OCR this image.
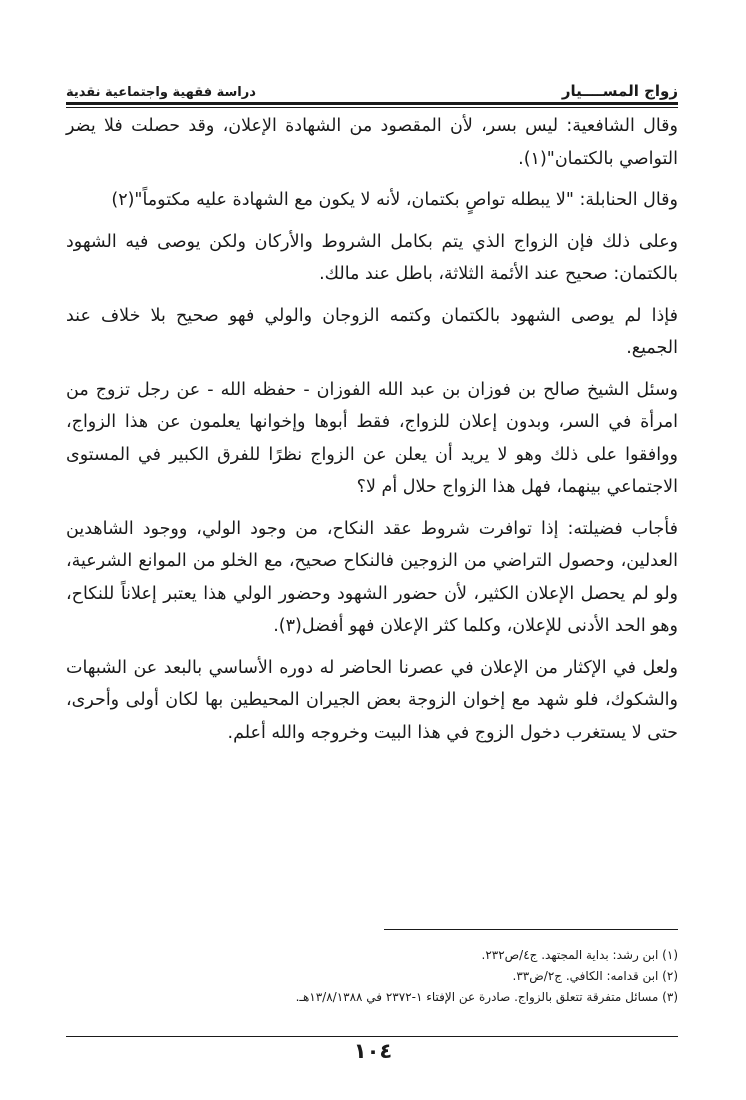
زواج المســــيار
دراسة فقهية واجتماعية نقدية

وقال الشافعية: ليس بسر، لأن المقصود من الشهادة الإعلان، وقد حصلت فلا يضر التواصي بالكتمان"(١).

وقال الحنابلة: "لا يبطله تواصٍ بكتمان، لأنه لا يكون مع الشهادة عليه مكتوماً"(٢)

وعلى ذلك فإن الزواج الذي يتم بكامل الشروط والأركان ولكن يوصى فيه الشهود بالكتمان: صحيح عند الأئمة الثلاثة، باطل عند مالك.

فإذا لم يوصى الشهود بالكتمان وكتمه الزوجان والولي فهو صحيح بلا خلاف عند الجميع.

وسئل الشيخ صالح بن فوزان بن عبد الله الفوزان - حفظه الله - عن رجل تزوج من امرأة في السر، وبدون إعلان للزواج، فقط أبوها وإخوانها يعلمون عن هذا الزواج، ووافقوا على ذلك وهو لا يريد أن يعلن عن الزواج نظرًا للفرق الكبير في المستوى الاجتماعي بينهما، فهل هذا الزواج حلال أم لا؟

فأجاب فضيلته: إذا توافرت شروط عقد النكاح، من وجود الولي، ووجود الشاهدين العدلين، وحصول التراضي من الزوجين فالنكاح صحيح، مع الخلو من الموانع الشرعية، ولو لم يحصل الإعلان الكثير، لأن حضور الشهود وحضور الولي هذا يعتبر إعلاناً للنكاح، وهو الحد الأدنى للإعلان، وكلما كثر الإعلان فهو أفضل(٣).

ولعل في الإكثار من الإعلان في عصرنا الحاضر له دوره الأساسي بالبعد عن الشبهات والشكوك، فلو شهد مع إخوان الزوجة بعض الجيران المحيطين بها لكان أولى وأحرى، حتى لا يستغرب دخول الزوج في هذا البيت وخروجه والله أعلم.

(١) ابن رشد: بداية المجتهد. ج٤/ص٢٣٢.
(٢) ابن قدامه: الكافي. ج٢/ض٣٣.
(٣) مسائل متفرقة تتعلق بالزواج. صادرة عن الإفتاء ١-٢٣٧٢ في ١٣/٨/١٣٨٨هـ.
١٠٤
